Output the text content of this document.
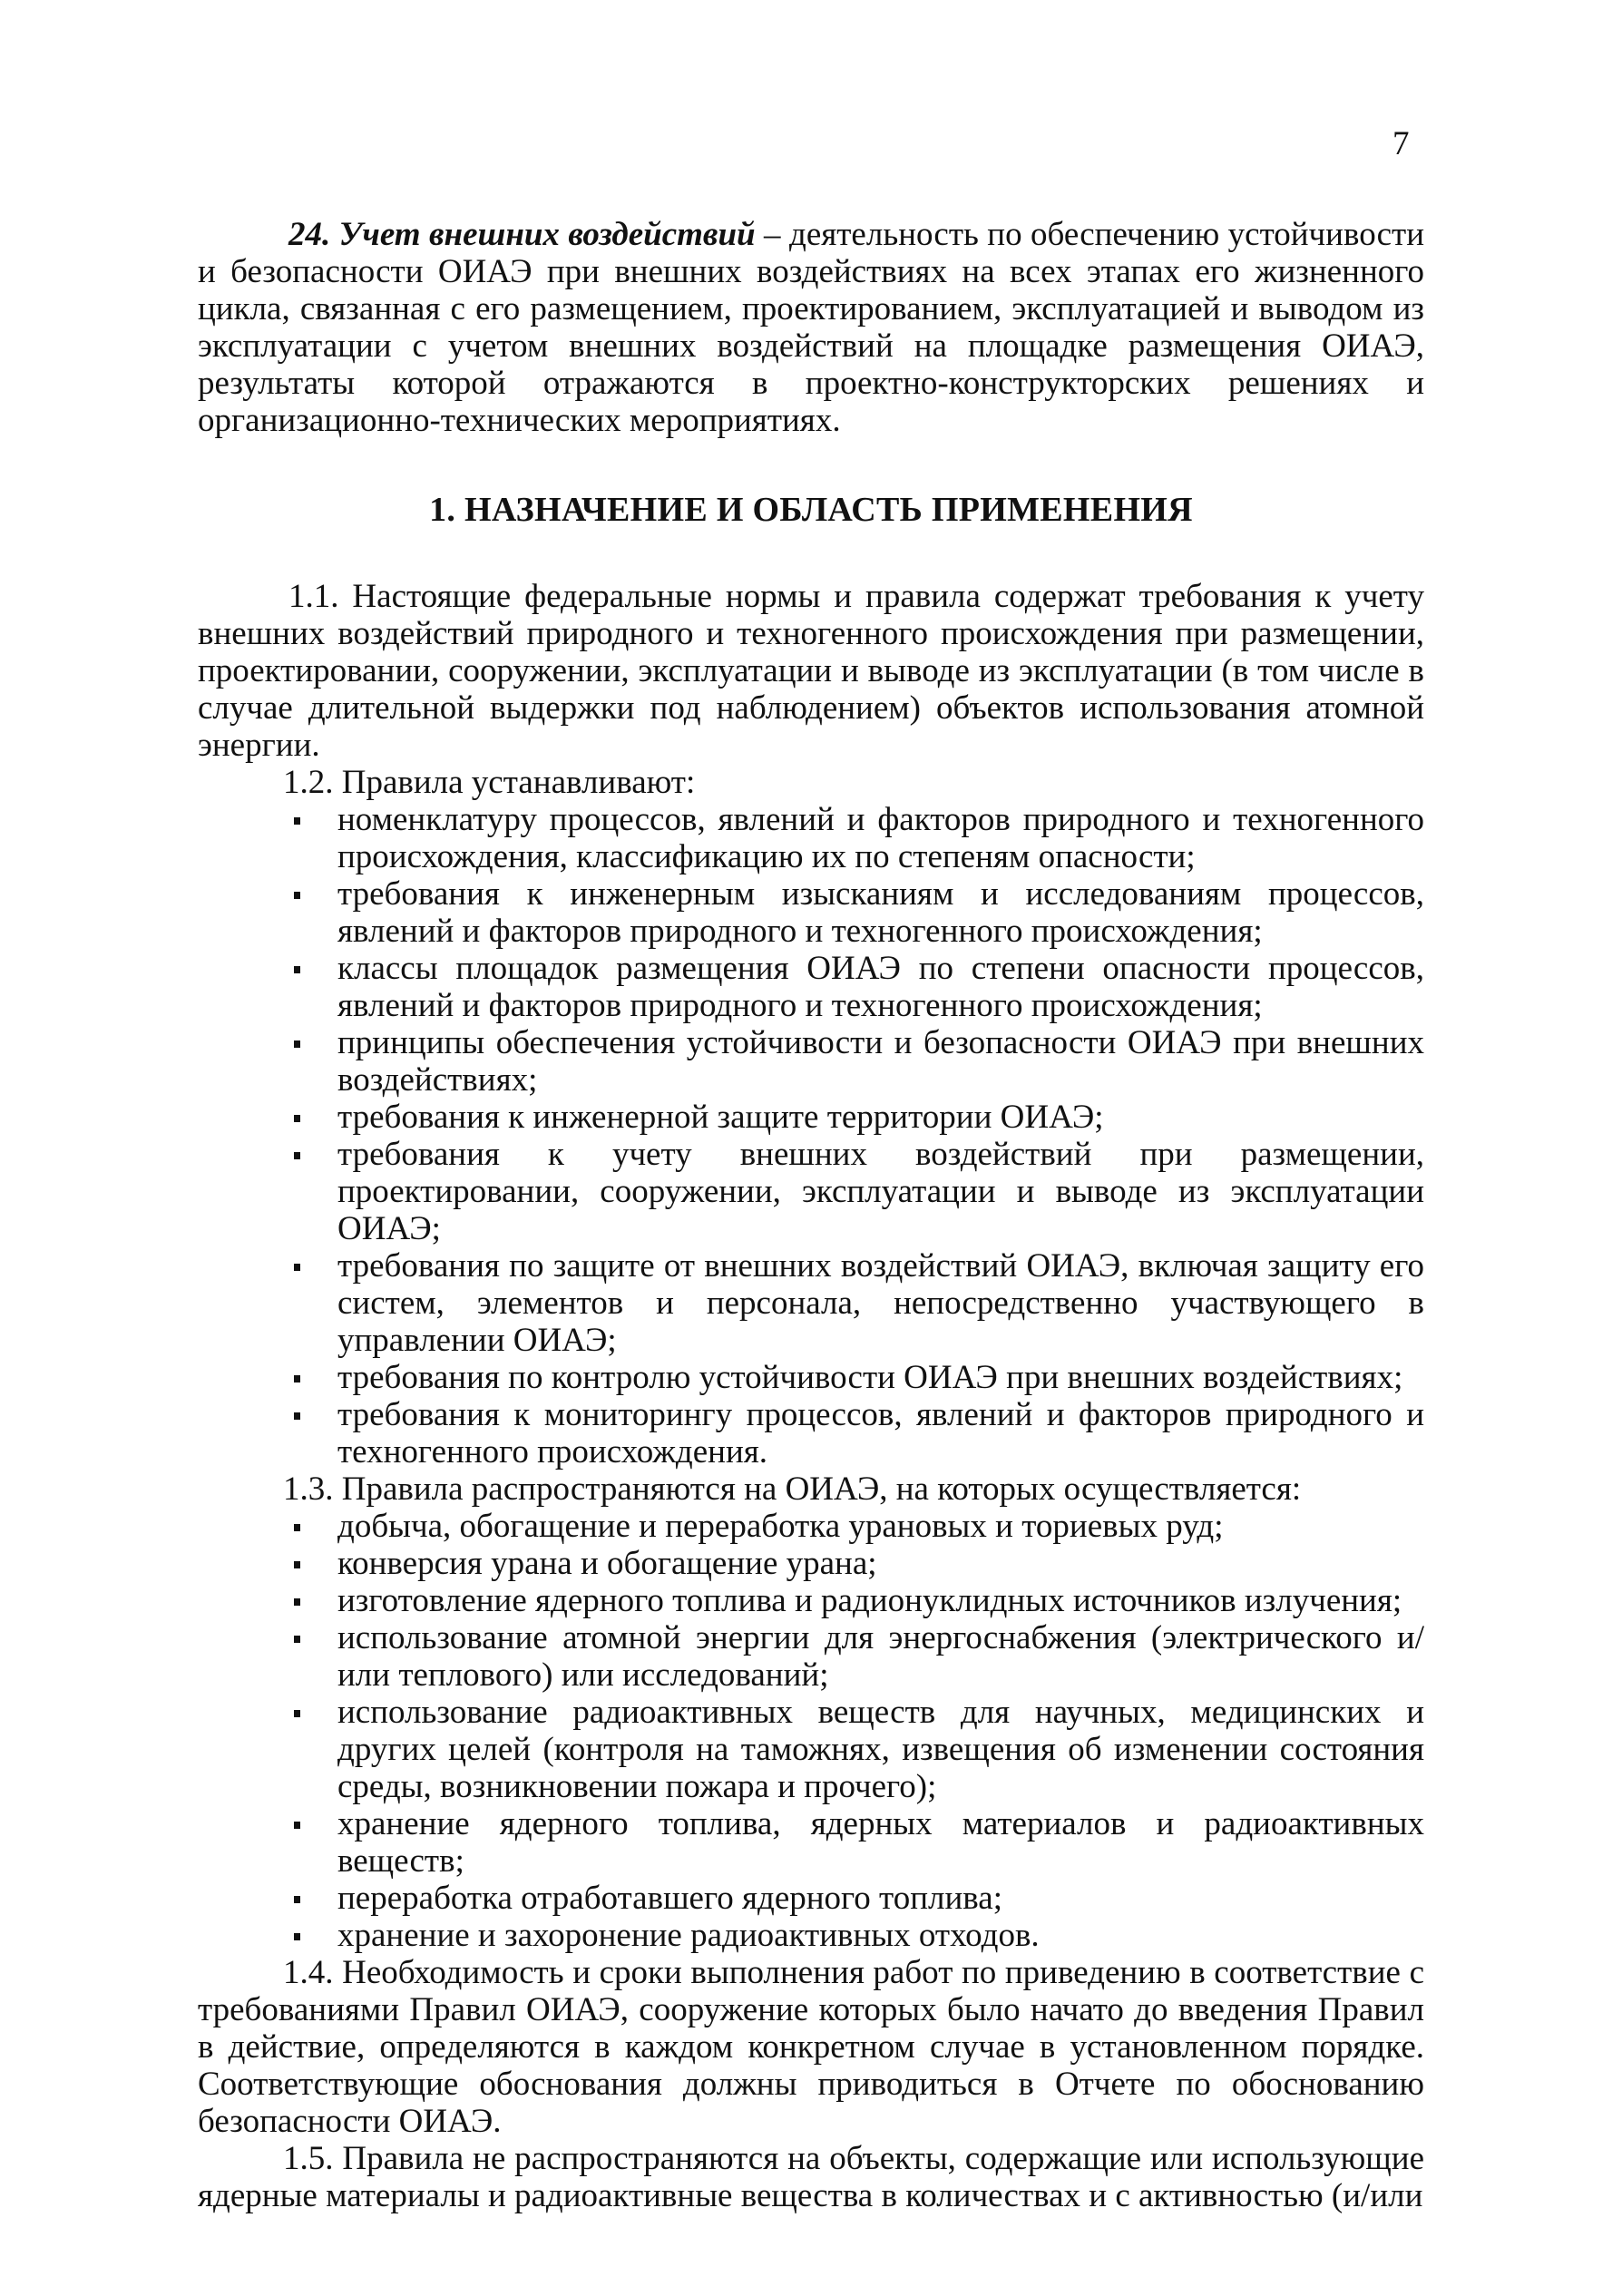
7

24. Учет внешних воздействий – деятельность по обеспечению устойчивости и безопасности ОИАЭ при внешних воздействиях на всех этапах его жизненного цикла, связанная с его размещением, проектированием, эксплуатацией и выводом из эксплуатации с учетом внешних воздействий на площадке размещения ОИАЭ, результаты которой отражаются в проектно-конструкторских решениях и организационно-технических мероприятиях.

1. НАЗНАЧЕНИЕ И ОБЛАСТЬ ПРИМЕНЕНИЯ

1.1. Настоящие федеральные нормы и правила содержат требования к учету внешних воздействий природного и техногенного происхождения при размещении, проектировании, сооружении, эксплуатации и выводе из эксплуатации (в том числе в случае длительной выдержки под наблюдением) объектов использования атомной энергии.

1.2. Правила устанавливают:

номенклатуру процессов, явлений и факторов природного и техногенного происхождения, классификацию их по степеням опасности;
требования к инженерным изысканиям и исследованиям процессов, явлений и факторов природного и техногенного происхождения;
классы площадок размещения ОИАЭ по степени опасности процессов, явлений и факторов природного и техногенного происхождения;
принципы обеспечения устойчивости и безопасности ОИАЭ при внешних воздействиях;
требования к инженерной защите территории ОИАЭ;
требования к учету внешних воздействий при размещении, проектировании, сооружении, эксплуатации и выводе из эксплуатации ОИАЭ;
требования по защите от внешних воздействий ОИАЭ, включая защиту его систем, элементов и персонала, непосредственно участвующего в управлении ОИАЭ;
требования по контролю устойчивости ОИАЭ при внешних воздействиях;
требования к мониторингу процессов, явлений и факторов природного и техногенного происхождения.

1.3. Правила распространяются на ОИАЭ, на которых осуществляется:

добыча, обогащение и переработка урановых и ториевых руд;
конверсия урана и обогащение урана;
изготовление ядерного топлива и радионуклидных источников излучения;
использование атомной энергии для энергоснабжения (электрического и/или теплового) или исследований;
использование радиоактивных веществ для научных, медицинских и других целей (контроля на таможнях, извещения об изменении состояния среды, возникновении пожара и прочего);
хранение ядерного топлива, ядерных материалов и радиоактивных веществ;
переработка отработавшего ядерного топлива;
хранение и захоронение радиоактивных отходов.

1.4. Необходимость и сроки выполнения работ по приведению в соответствие с требованиями Правил ОИАЭ, сооружение которых было начато до введения Правил в действие, определяются в каждом конкретном случае в установленном порядке. Соответствующие обоснования должны приводиться в Отчете по обоснованию безопасности ОИАЭ.

1.5. Правила не распространяются на объекты, содержащие или использующие ядерные материалы и радиоактивные вещества в количествах и с активностью (и/или
